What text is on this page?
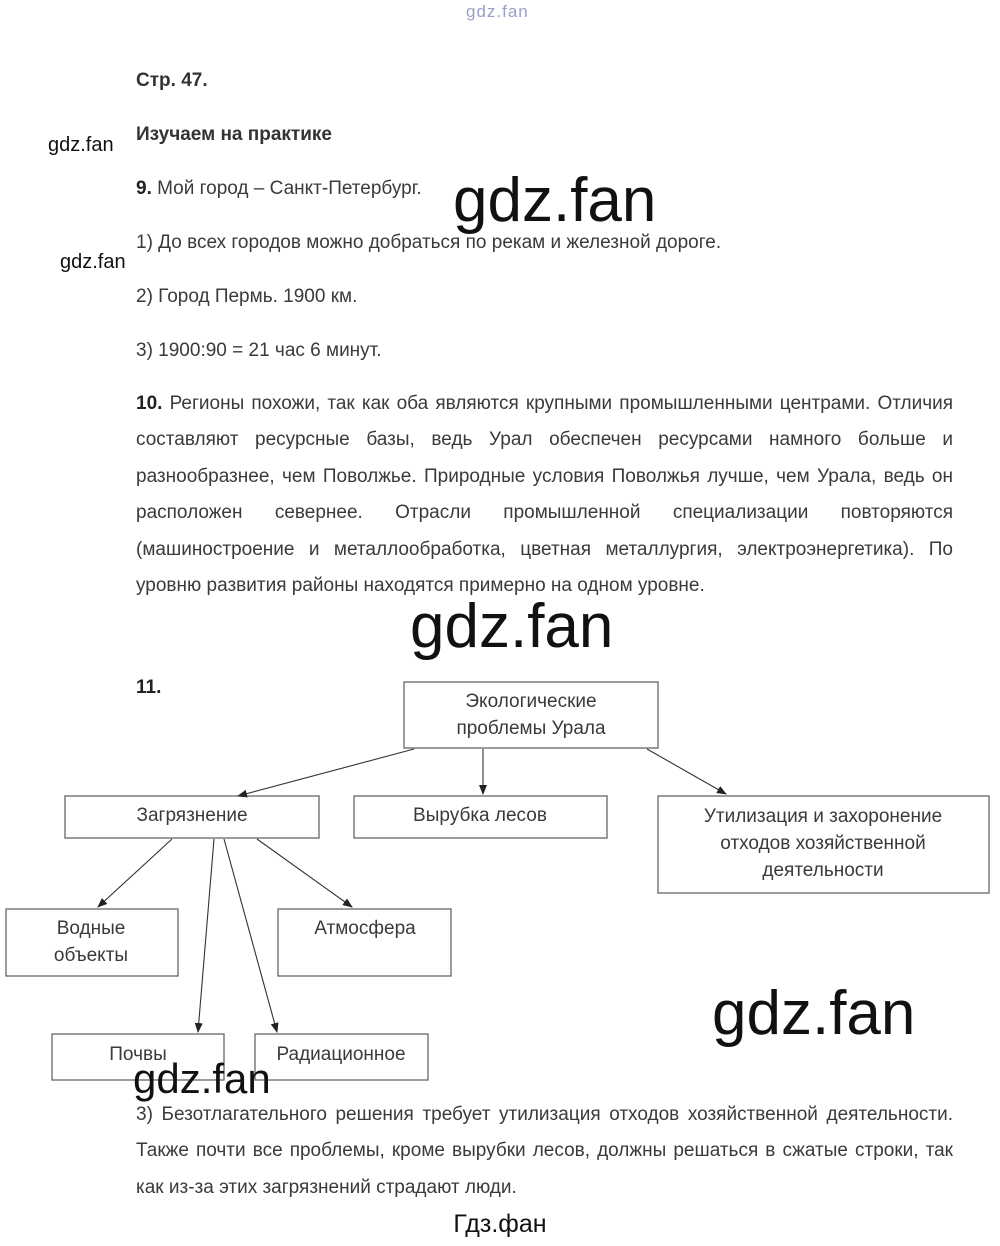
gdz.fan
Стр. 47.
Изучаем на практике
gdz.fan
gdz.fan
9. Мой город – Санкт-Петербург.
1) До всех городов можно добраться по рекам и железной дороге.
2) Город Пермь. 1900 км.
3) 1900:90 = 21 час 6 минут.
10. Регионы похожи, так как оба являются крупными промышленными центрами. Отличия составляют ресурсные базы, ведь Урал обеспечен ресурсами намного больше и разнообразнее, чем Поволжье. Природные условия Поволжья лучше, чем Урала, ведь он расположен севернее. Отрасли промышленной специализации повторяются (машиностроение и металлообработка, цветная металлургия, электроэнергетика). По уровню развития районы находятся примерно на одном уровне.
gdz.fan
gdz.fan
11.
Экологические
проблемы Урала
Загрязнение	Вырубка лесов	Утилизация и захоронение
отходов хозяйственной
деятельности
Водные
объекты
Атмосфера
Почвы	Радиационное
gdz.fan
gdz.fan
3) Безотлагательного решения требует утилизация отходов хозяйственной деятельности. Также почти все проблемы, кроме вырубки лесов, должны решаться в сжатые строки, так как из-за этих загрязнений страдают люди.
Гдз.фан
